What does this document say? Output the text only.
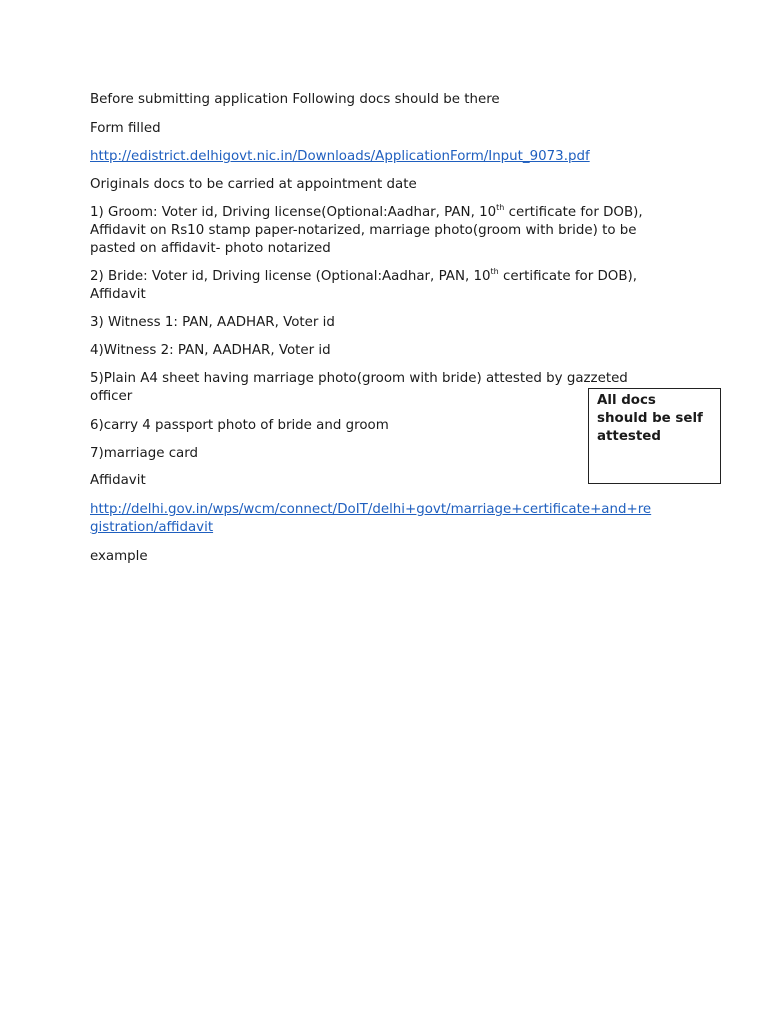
Before submitting application Following docs should be there
Form filled
http://edistrict.delhigovt.nic.in/Downloads/ApplicationForm/Input_9073.pdf
Originals docs to be carried at appointment date
1) Groom: Voter id, Driving license(Optional:Aadhar, PAN, 10th certificate for DOB),
Affidavit on Rs10 stamp paper-notarized, marriage photo(groom with bride) to be
pasted on affidavit- photo notarized
2) Bride: Voter id, Driving license (Optional:Aadhar, PAN, 10th certificate for DOB),
Affidavit
3) Witness 1: PAN, AADHAR, Voter id
4)Witness 2: PAN, AADHAR, Voter id
5)Plain A4 sheet having marriage photo(groom with bride) attested by gazzeted
officer
6)carry 4 passport photo of bride and groom
7)marriage card
Affidavit
http://delhi.gov.in/wps/wcm/connect/DoIT/delhi+govt/marriage+certificate+and+re
gistration/affidavit
example
All docs
should be self
attested
